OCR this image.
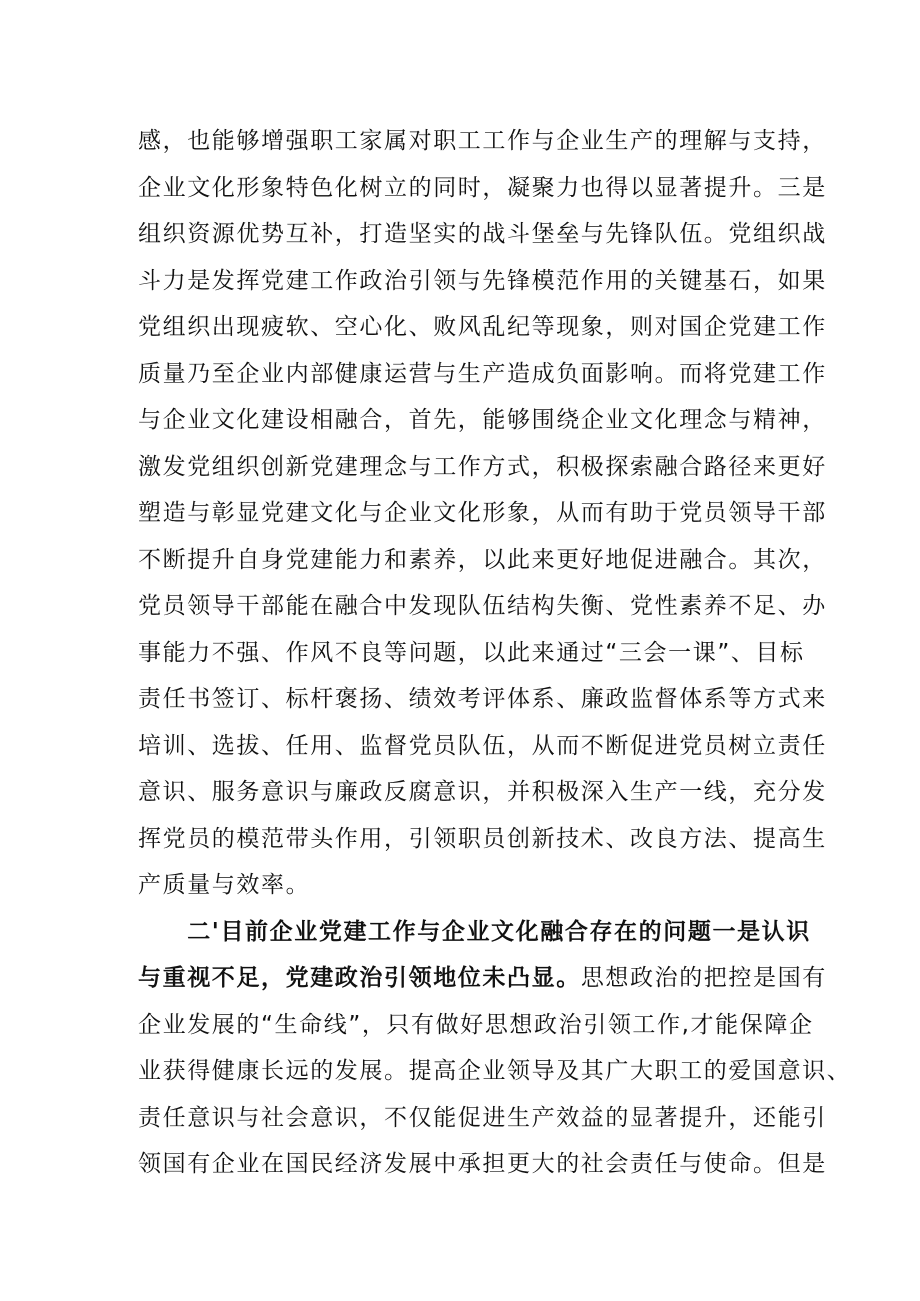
感，也能够增强职工家属对职工工作与企业生产的理解与支持，
企业文化形象特色化树立的同时，凝聚力也得以显著提升。三是
组织资源优势互补，打造坚实的战斗堡垒与先锋队伍。党组织战
斗力是发挥党建工作政治引领与先锋模范作用的关键基石，如果
党组织出现疲软、空心化、败风乱纪等现象，则对国企党建工作
质量乃至企业内部健康运营与生产造成负面影响。而将党建工作
与企业文化建设相融合，首先，能够围绕企业文化理念与精神，
激发党组织创新党建理念与工作方式，积极探索融合路径来更好
塑造与彰显党建文化与企业文化形象，从而有助于党员领导干部
不断提升自身党建能力和素养，以此来更好地促进融合。其次，
党员领导干部能在融合中发现队伍结构失衡、党性素养不足、办
事能力不强、作风不良等问题，以此来通过“三会一课”、目标
责任书签订、标杆褒扬、绩效考评体系、廉政监督体系等方式来
培训、选拔、任用、监督党员队伍，从而不断促进党员树立责任
意识、服务意识与廉政反腐意识，并积极深入生产一线，充分发
挥党员的模范带头作用，引领职员创新技术、改良方法、提高生
产质量与效率。
　　二'目前企业党建工作与企业文化融合存在的问题一是认识
与重视不足，党建政治引领地位未凸显。思想政治的把控是国有
企业发展的“生命线”，只有做好思想政治引领工作,才能保障企
业获得健康长远的发展。提高企业领导及其广大职工的爱国意识、
责任意识与社会意识，不仅能促进生产效益的显著提升，还能引
领国有企业在国民经济发展中承担更大的社会责任与使命。但是
